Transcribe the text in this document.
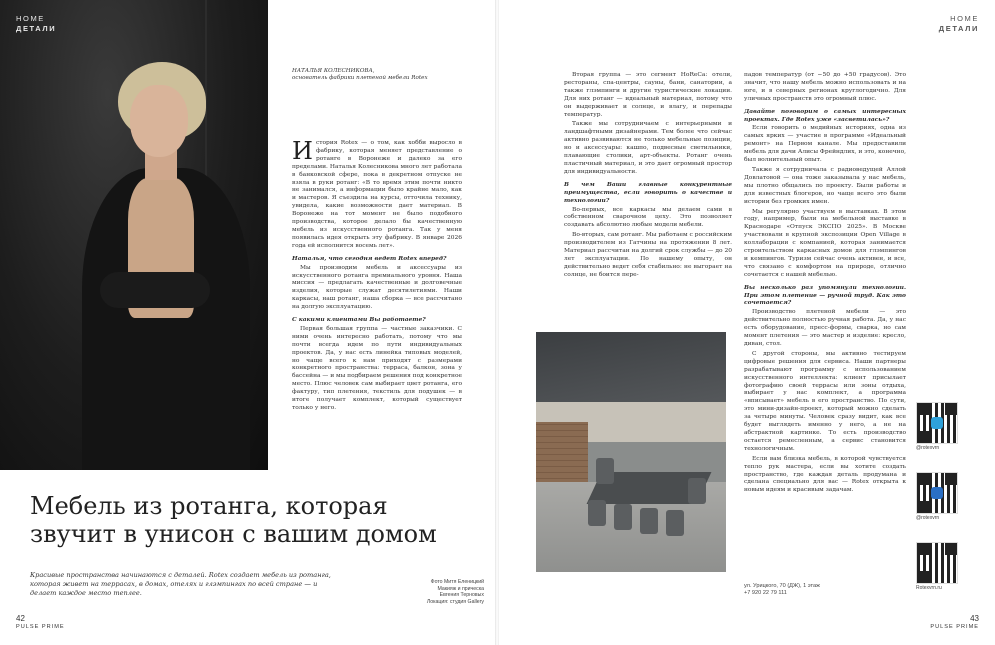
HOME
ДЕТАЛИ
НАТАЛЬЯ КОЛЕСНИКОВА,
основатель фабрики плетеной мебели Rotex

История Rotex — о том, как хобби выросло в фабрику, которая меняет представление о ротанге в Воронеже и далеко за его пределами. Наталья Колесникова много лет работала в банковской сфере, пока в декретном отпуске не взяла в руки ротанг: «В то время этим почти никто не занимался, а информации было крайне мало, как и мастеров. Я съездила на курсы, отточила технику, увидела, какие возможности дает материал. В Воронеже на тот момент не было подобного производства, которое делало бы качественную мебель из искусственного ротанга. Так у меня появилась идея открыть эту фабрику. В январе 2026 года ей исполнится восемь лет».

Наталья, что сегодня ведет Rotex вперед?

Мы производим мебель и аксессуары из искусственного ротанга премиального уровня. Наша миссия — предлагать качественные и долговечные изделия, которые служат десятилетиями. Наши каркасы, наш ротанг, наша сборка — все рассчитано на долгую эксплуатацию.

С какими клиентами Вы работаете?

Первая большая группа — частные заказчики. С ними очень интересно работать, потому что мы почти всегда идем по пути индивидуальных проектов. Да, у нас есть линейка типовых моделей, но чаще всего к нам приходят с размерами конкретного пространства: терраса, балкон, зона у бассейна — и мы подбираем решения под конкретное место. Плюс человек сам выбирает цвет ротанга, его фактуру, тип плетения, текстиль для подушек — в итоге получает комплект, который существует только у него.

Мебель из ротанга, которая
звучит в унисон с вашим домом
Красивые пространства начинаются с деталей. Rotex создает мебель из ротанга, которая живет на террасах, в домах, отелях и глэмпингах по всей стране — и делает каждое место теплее.
Фото Митя Еленицкий
Макияж и прическа
Евгения Терновых
Локация: студия Gallery
42
PULSE PRIME
HOME
ДЕТАЛИ

Вторая группа — это сегмент HoReCa: отели, рестораны, спа-центры, сауны, бани, санатории, а также глэмпинги и другие туристические локации. Для них ротанг — идеальный материал, потому что он выдерживает и солнце, и влагу, и перепады температур.

Также мы сотрудничаем с интерьерными и ландшафтными дизайнерами. Тем более что сейчас активно развиваются не только мебельные позиции, но и аксессуары: кашпо, подвесные светильники, плавающие столики, арт-объекты. Ротанг очень пластичный материал, и это дает огромный простор для индивидуальности.

В чем Ваши главные конкурентные преимущества, если говорить о качестве и технологии?

Во-первых, все каркасы мы делаем сами в собственном сварочном цеху. Это позволяет создавать абсолютно любые модели мебели.

Во-вторых, сам ротанг. Мы работаем с российским производителем из Гатчины на протяжении 8 лет. Материал рассчитан на долгий срок службы — до 20 лет эксплуатации. По нашему опыту, он действительно ведет себя стабильно: не выгорает на солнце, не боится пере-

падов температур (от −50 до +50 градусов). Это значит, что нашу мебель можно использовать и на юге, и в северных регионах круглогодично. Для уличных пространств это огромный плюс.

Давайте поговорим о самых интересных проектах. Где Rotex уже «засветилась»?

Если говорить о медийных историях, одна из самых ярких — участие в программе «Идеальный ремонт» на Первом канале. Мы предоставили мебель для дачи Алисы Фрейндлих, и это, конечно, был волнительный опыт.

Также я сотрудничала с радиоведущей Аллой Довлатовой — она тоже заказывала у нас мебель, мы плотно общались по проекту. Были работы и для известных блогеров, но чаще всего это были истории без громких имен.

Мы регулярно участвуем в выставках. В этом году, например, были на мебельной выставке в Краснодаре «Отпуск ЭКСПО 2025». В Москве участвовали в крупной экспозиции Open Village в коллаборации с компанией, которая занимается строительством каркасных домов для глэмпингов и кемпингов. Туризм сейчас очень активен, и все, что связано с комфортом на природе, отлично сочетается с нашей мебелью.

Вы несколько раз упомянули технологии. При этом плетение — ручной труд. Как это сочетается?

Производство плетеной мебели — это действительно полностью ручная работа. Да, у нас есть оборудование, пресс-формы, сварка, но сам момент плетения — это мастер и изделие: кресло, диван, стол.

С другой стороны, мы активно тестируем цифровые решения для сервиса. Наши партнеры разрабатывают программу с использованием искусственного интеллекта: клиент присылает фотографию своей террасы или зоны отдыха, выбирает у нас комплект, а программа «вписывает» мебель в его пространство. По сути, это мини-дизайн-проект, который можно сделать за четыре минуты. Человек сразу видит, как все будет выглядеть именно у него, а не на абстрактной картинке. То есть производство остается ремесленным, а сервис становится технологичным.

Если вам близка мебель, в которой чувствуется тепло рук мастера, если вы хотите создать пространство, где каждая деталь продумана и сделана специально для вас — Rotex открыта к новым идеям и красивым задачам.

ул. Урицкого, 70 (ДЖ), 1 этаж
+7 920 22 79 111
@rotexvrn
@rotexvrn
Rotexvrn.ru
43
PULSE PRIME
